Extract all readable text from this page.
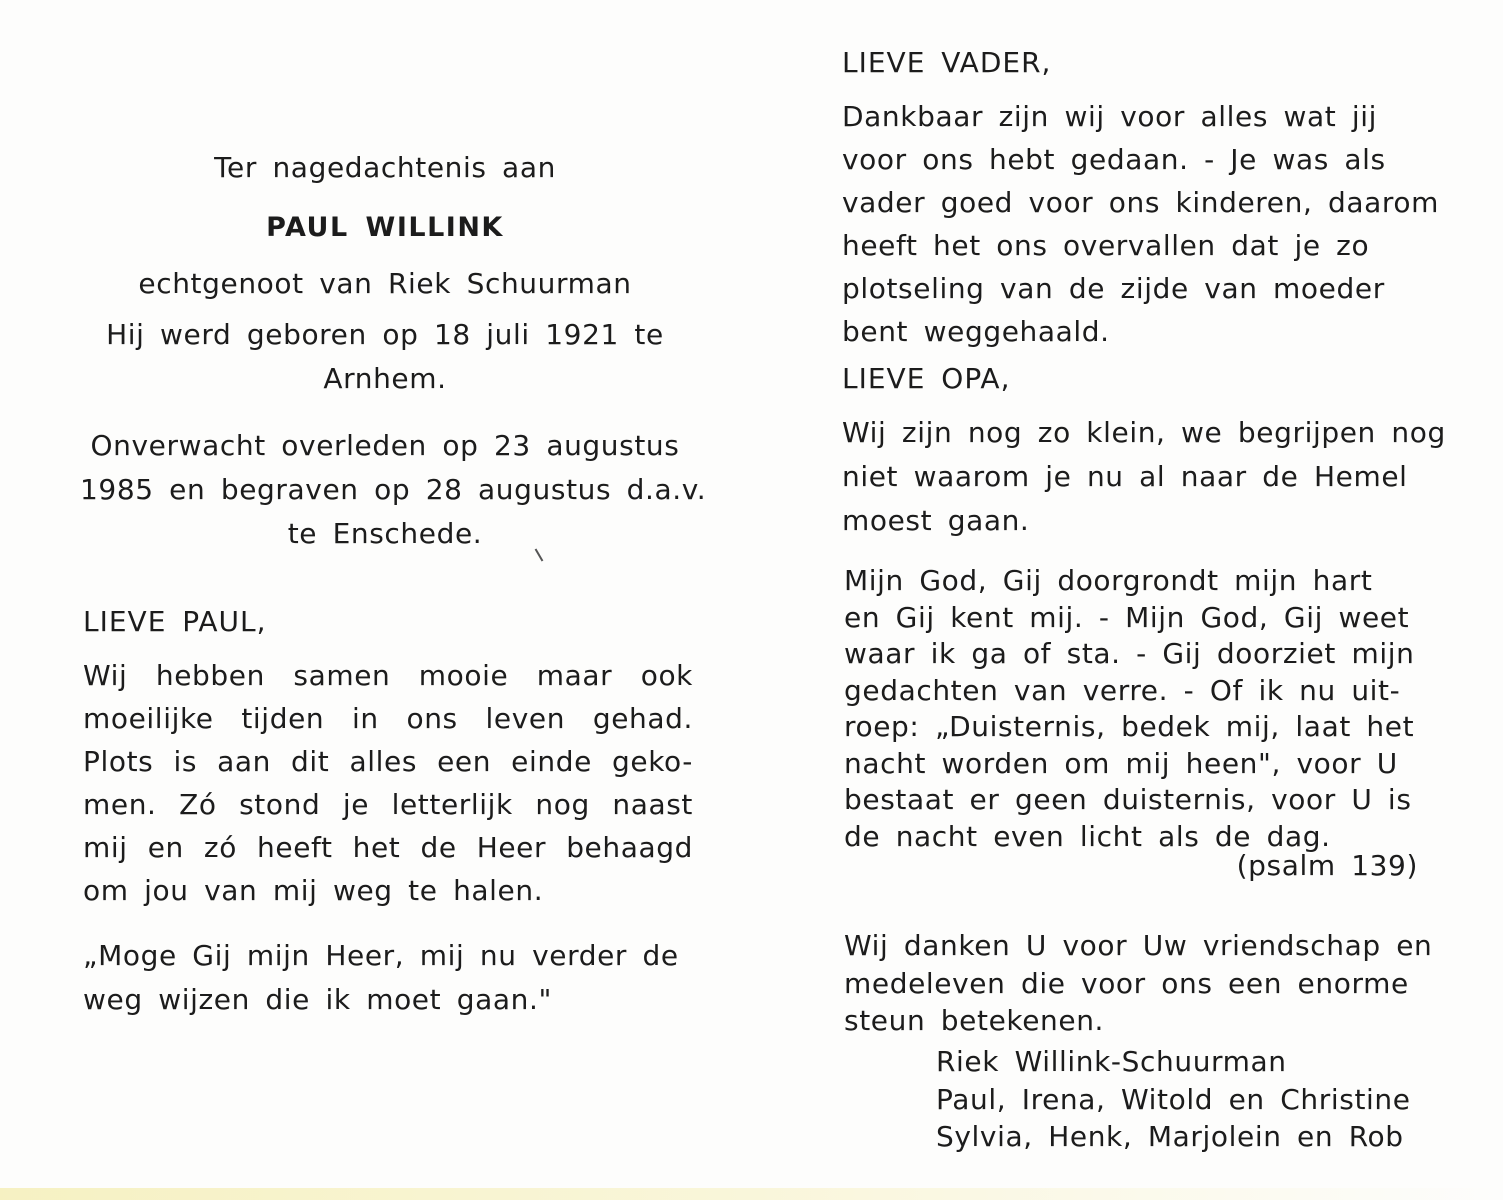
Ter nagedachtenis aan
PAUL WILLINK
echtgenoot van Riek Schuurman
Hij werd geboren op 18 juli 1921 te
Arnhem.
Onverwacht overleden op 23 augustus
1985 en begraven op 28 augustus d.a.v.
te Enschede.
LIEVE PAUL,
Wij hebben samen mooie maar ook
moeilijke tijden in ons leven gehad.
Plots is aan dit alles een einde geko-
men. Zó stond je letterlijk nog naast
mij en zó heeft het de Heer behaagd
om jou van mij weg te halen.
„Moge Gij mijn Heer, mij nu verder de
weg wijzen die ik moet gaan."
LIEVE VADER,
Dankbaar zijn wij voor alles wat jij
voor ons hebt gedaan. - Je was als
vader goed voor ons kinderen, daarom
heeft het ons overvallen dat je zo
plotseling van de zijde van moeder
bent weggehaald.
LIEVE OPA,
Wij zijn nog zo klein, we begrijpen nog
niet waarom je nu al naar de Hemel
moest gaan.
Mijn God, Gij doorgrondt mijn hart
en Gij kent mij. - Mijn God, Gij weet
waar ik ga of sta. - Gij doorziet mijn
gedachten van verre. - Of ik nu uit-
roep: „Duisternis, bedek mij, laat het
nacht worden om mij heen", voor U
bestaat er geen duisternis, voor U is
de nacht even licht als de dag.
(psalm 139)
Wij danken U voor Uw vriendschap en
medeleven die voor ons een enorme
steun betekenen.
Riek Willink-Schuurman
Paul, Irena, Witold en Christine
Sylvia, Henk, Marjolein en Rob
